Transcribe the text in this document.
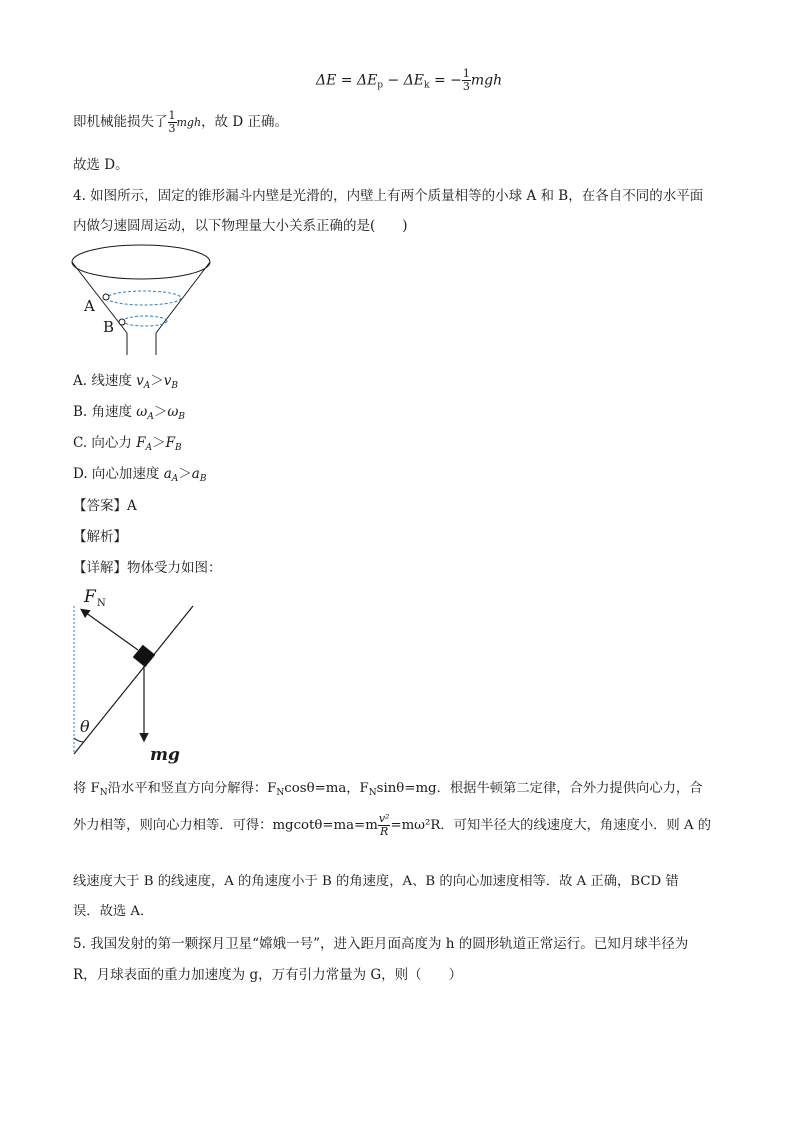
$\Delta E = \Delta E_p - \Delta E_k$ = − $\frac{1}{3}$ mgh
即机械能损失了 $\frac{1}{3}$ mgh，故 D 正确。
故选 D。
4. 如图所示，固定的锥形漏斗内壁是光滑的，内壁上有两个质量相等的小球 A 和 B，在各自不同的水平面
内做匀速圆周运动，以下物理量大小关系正确的是(　　)
A
B
A. 线速度 $v_A>v_B$
B. 角速度 $\omega_A>\omega_B$
C. 向心力 $F_A>F_B$
D. 向心加速度 $a_A>a_B$
【答案】A
【解析】
【详解】物体受力如图：
F N
θ
mg
将 $F_N$沿水平和竖直方向分解得：$F_N\cos\theta=ma$，$F_N\sin\theta=mg$．根据牛顿第二定律，合外力提供向心力，合
外力相等，则向心力相等．可得：$mgcot\theta=ma=m \frac{\text{v²}}{R} =m\omega^2R$．可知半径大的线速度大，角速度小．则 A 的
线速度大于 B 的线速度，A 的角速度小于 B 的角速度，A、B 的向心加速度相等．故 A 正确，BCD 错
误．故选 A．
5. 我国发射的第一颗探月卫星“嫦娥一号”，进入距月面高度为 h 的圆形轨道正常运行。已知月球半径为
R，月球表面的重力加速度为 g，万有引力常量为 G，则（　　）
